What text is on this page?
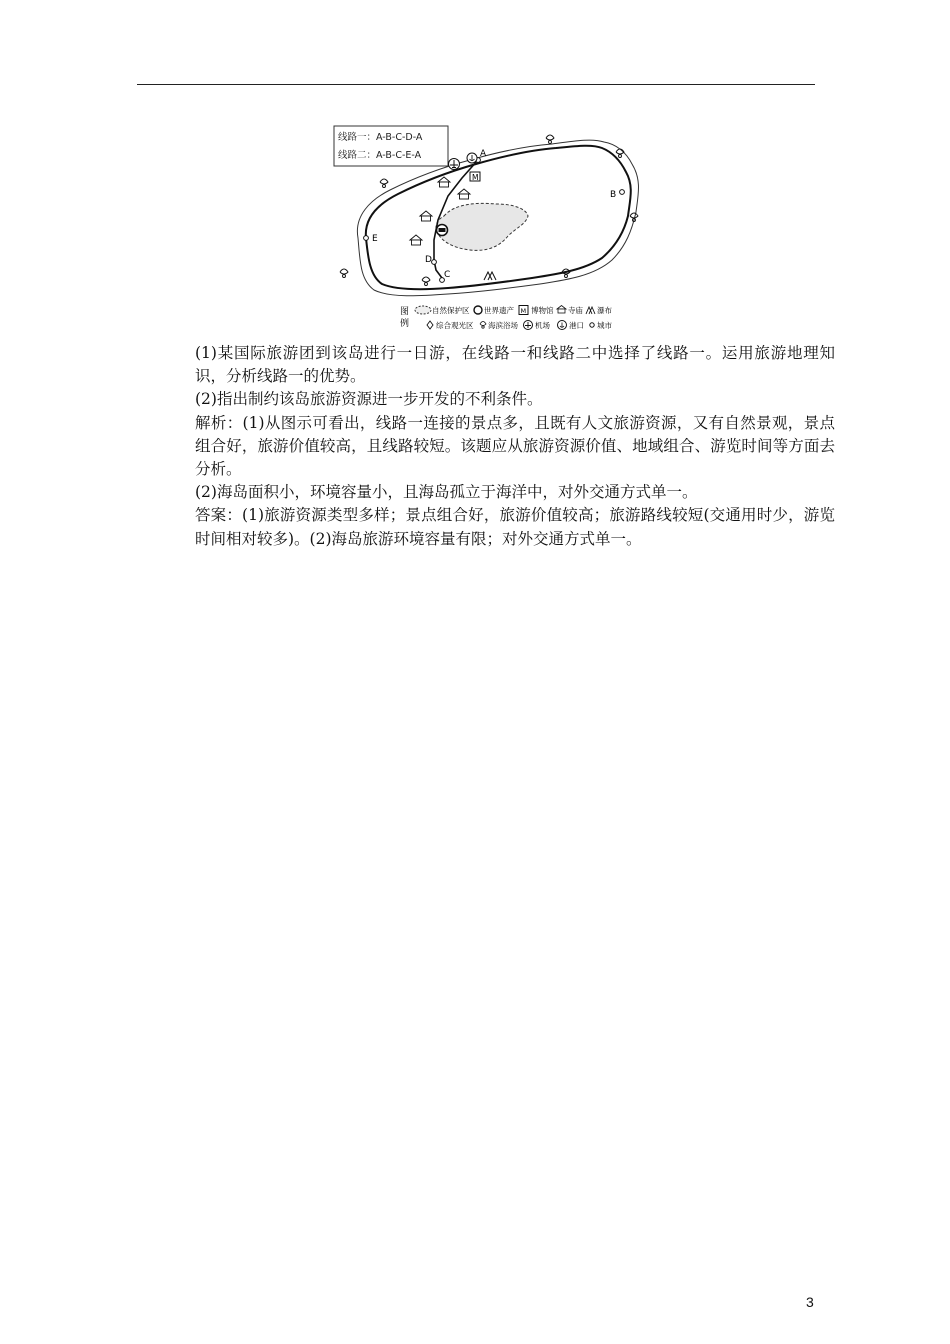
线路一：A-B-C-D-A
线路二：A-B-C-E-A	A
B
C
D
E
M
图
例
自然保护区 世界遗产 M 博物馆 寺庙 瀑布
综合观光区 海滨浴场 机场	港口 城市

(1)某国际旅游团到该岛进行一日游，在线路一和线路二中选择了线路一。运用旅游地理知识，分析线路一的优势。

(2)指出制约该岛旅游资源进一步开发的不利条件。

解析：(1)从图示可看出，线路一连接的景点多，且既有人文旅游资源，又有自然景观，景点组合好，旅游价值较高，且线路较短。该题应从旅游资源价值、地域组合、游览时间等方面去分析。

(2)海岛面积小，环境容量小，且海岛孤立于海洋中，对外交通方式单一。

答案：(1)旅游资源类型多样；景点组合好，旅游价值较高；旅游路线较短(交通用时少，游览时间相对较多)。(2)海岛旅游环境容量有限；对外交通方式单一。

3
